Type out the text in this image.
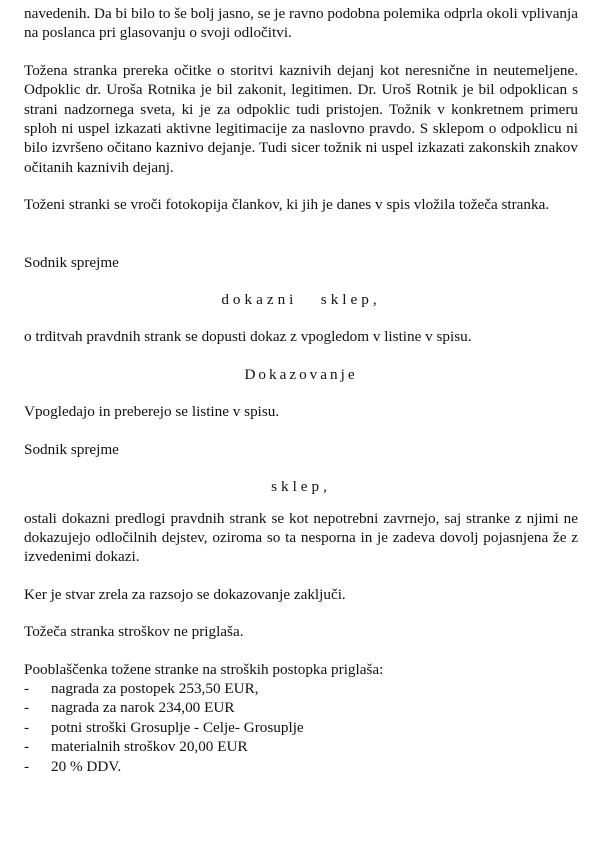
navedenih. Da bi bilo to še bolj jasno, se je ravno podobna polemika odprla okoli vplivanja na poslanca pri glasovanju o svoji odločitvi.

Tožena stranka prereka očitke o storitvi kaznivih dejanj kot neresnične in neutemeljene. Odpoklic dr. Uroša Rotnika je bil zakonit, legitimen. Dr. Uroš Rotnik je bil odpoklican s strani nadzornega sveta, ki je za odpoklic tudi pristojen. Tožnik v konkretnem primeru sploh ni uspel izkazati aktivne legitimacije za naslovno pravdo. S sklepom o odpoklicu ni bilo izvršeno očitano kaznivo dejanje. Tudi sicer tožnik ni uspel izkazati zakonskih znakov očitanih kaznivih dejanj.

Toženi stranki se vroči fotokopija člankov, ki jih je danes v spis vložila tožeča stranka.

Sodnik sprejme

dokazni   sklep,

o trditvah pravdnih strank se dopusti dokaz z vpogledom v listine v spisu.

Dokazovanje

Vpogledajo in preberejo se listine v spisu.

Sodnik sprejme

sklep,

ostali dokazni predlogi pravdnih strank se kot nepotrebni zavrnejo, saj stranke z njimi ne dokazujejo odločilnih dejstev, oziroma so ta nesporna in je zadeva dovolj pojasnjena že z izvedenimi dokazi.

Ker je stvar zrela za razsojo se dokazovanje zaključi.

Tožeča stranka stroškov ne priglaša.

Pooblaščenka tožene stranke na stroških postopka priglaša:

- nagrada za postopek 253,50 EUR,
- nagrada za narok 234,00 EUR
- potni stroški Grosuplje - Celje- Grosuplje
- materialnih stroškov 20,00 EUR
- 20 % DDV.
